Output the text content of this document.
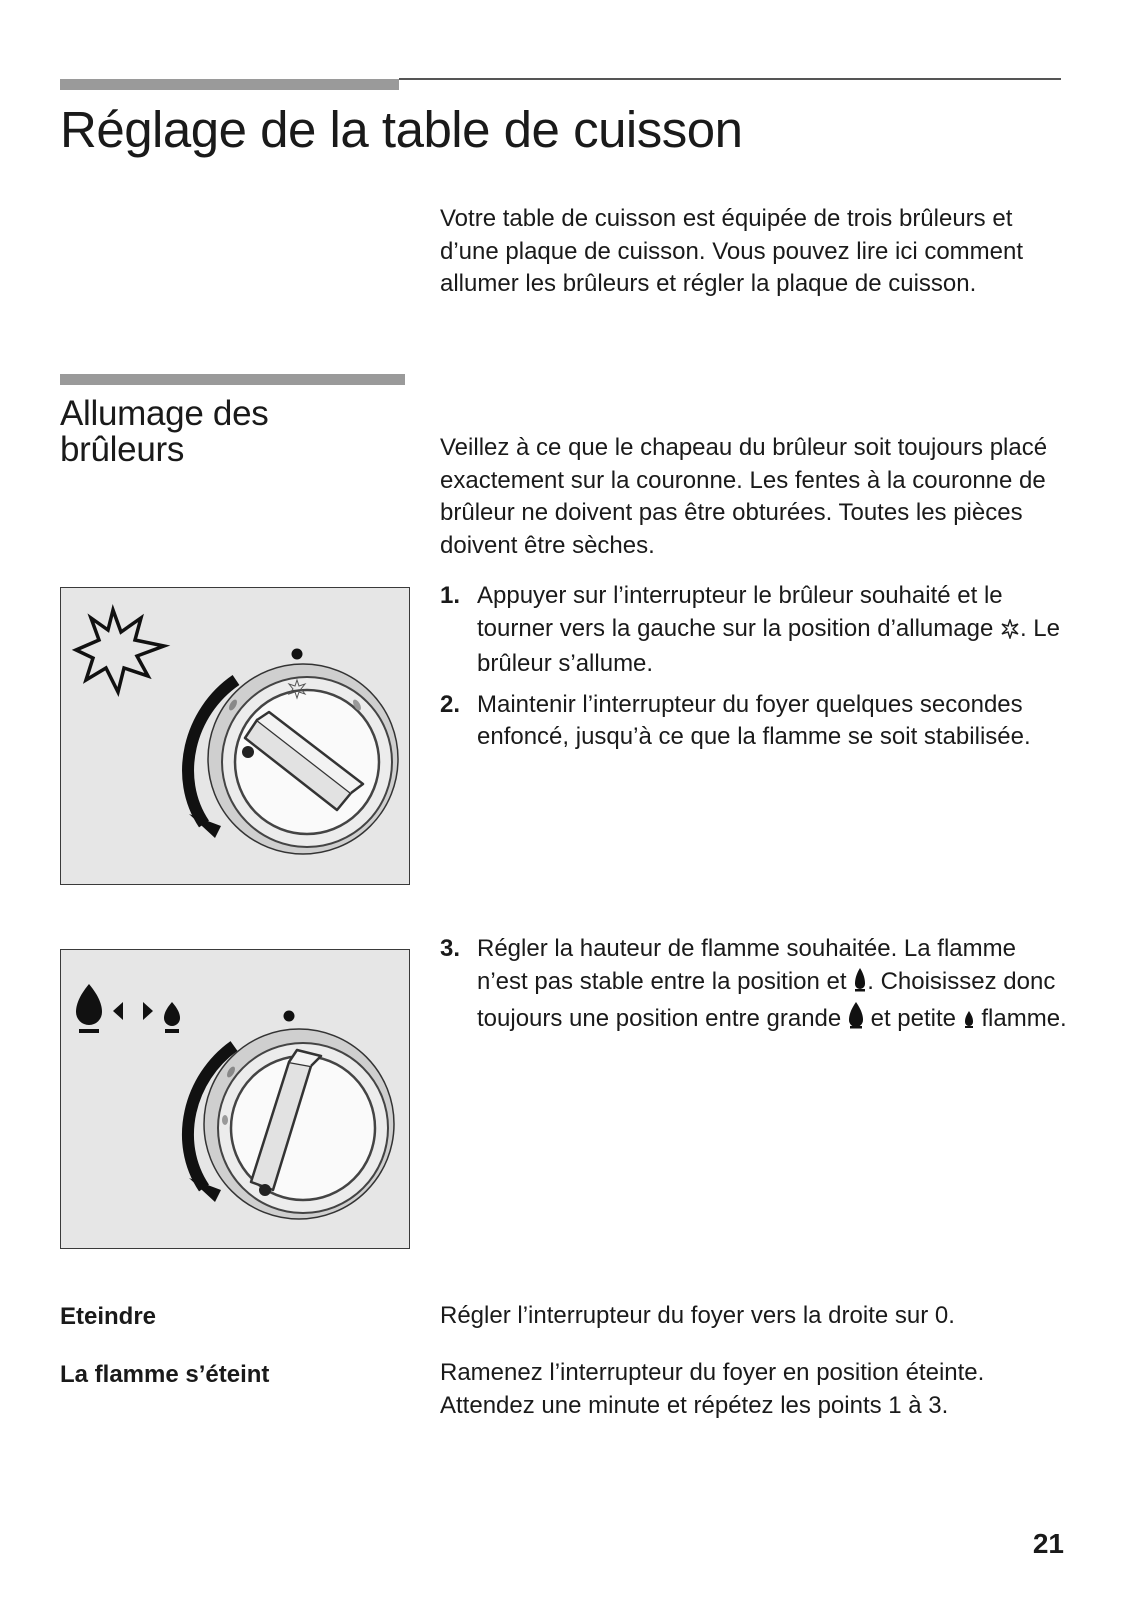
Réglage de la table de cuisson
Votre table de cuisson est équipée de trois brûleurs et d’une plaque de cuisson. Vous pouvez lire ici comment allumer les brûleurs et régler la plaque de cuisson.
Allumage des
brûleurs	Veillez à ce que le chapeau du brûleur soit toujours placé exactement sur la couronne. Les fentes à la couronne de brûleur ne doivent pas être obturées. Toutes les pièces doivent être sèches.
1. Appuyer sur l’interrupteur le brûleur souhaité et le tourner vers la gauche sur la position d’allumage . Le brûleur s’allume.
2. Maintenir l’interrupteur du foyer quelques secondes enfoncé, jusqu’à ce que la flamme se soit stabilisée.
3. Régler la hauteur de flamme souhaitée. La flamme n’est pas stable entre la position et . Choisissez donc toujours une position entre grande et petite flamme.
Eteindre	Régler l’interrupteur du foyer vers la droite sur 0.
La flamme s’éteint	Ramenez l’interrupteur du foyer en position éteinte.
Attendez une minute et répétez les points 1 à 3.
21
